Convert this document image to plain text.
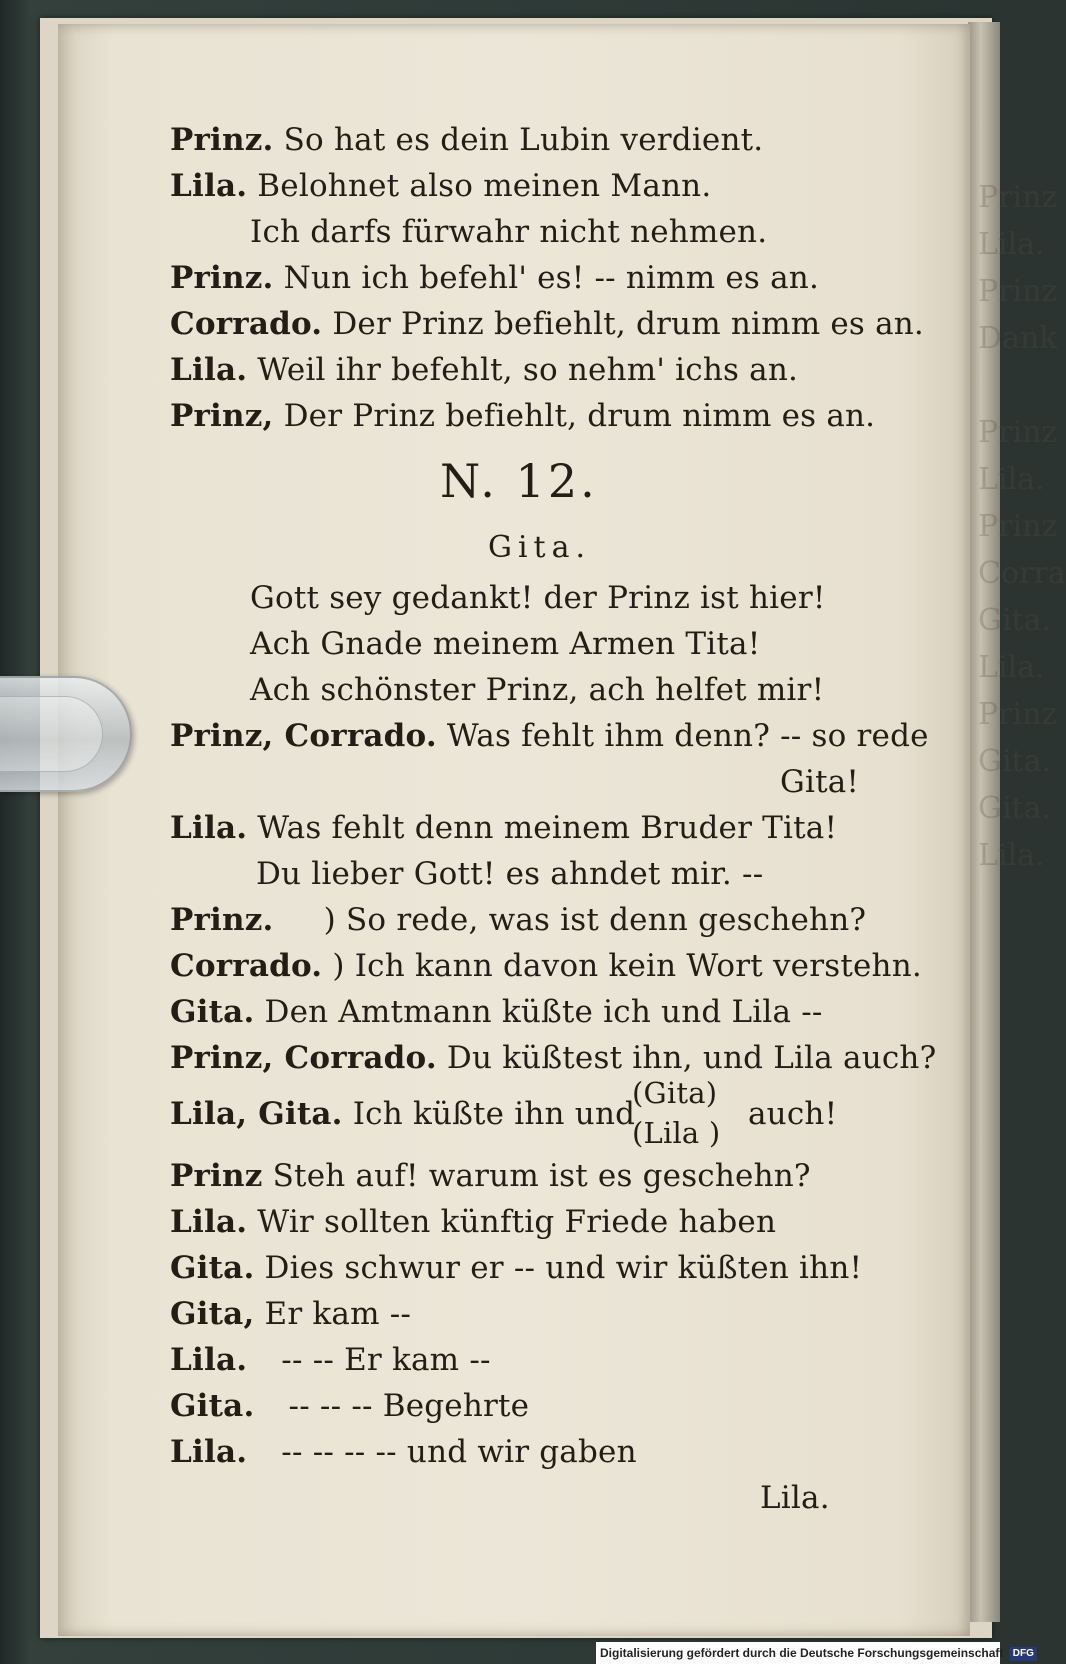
Prinz
Lila.
Prinz
Dank

Prinz
Lila.
Prinz
Corra
Gita.
Lila.
Prinz
Gita.
Gita.
Lila.
Prinz. So hat es dein Lubin verdient.
Lila. Belohnet also meinen Mann.
Ich darfs fürwahr nicht nehmen.
Prinz. Nun ich befehl' es! -- nimm es an.
Corrado. Der Prinz befiehlt, drum nimm es an.
Lila. Weil ihr befehlt, so nehm' ichs an.
Prinz, Der Prinz befiehlt, drum nimm es an.
N. 12.
Gita.
Gott sey gedankt! der Prinz ist hier!
Ach Gnade meinem Armen Tita!
Ach schönster Prinz, ach helfet mir!
Prinz, Corrado. Was fehlt ihm denn? -- so rede
Gita!
Lila. Was fehlt denn meinem Bruder Tita!
Du lieber Gott! es ahndet mir. --
Prinz. ) So rede, was ist denn geschehn?
Corrado. ) Ich kann davon kein Wort verstehn.
Gita. Den Amtmann küßte ich und Lila --
Prinz, Corrado. Du küßtest ihn, und Lila auch?
Lila, Gita. Ich küßte ihn und
(Gita)
(Lila )
auch!
Prinz Steh auf! warum ist es geschehn?
Lila. Wir sollten künftig Friede haben
Gita. Dies schwur er -- und wir küßten ihn!
Gita, Er kam --
Lila. -- -- Er kam --
Gita. -- -- -- Begehrte
Lila. -- -- -- -- und wir gaben
Lila.
Digitalisierung gefördert durch die Deutsche Forschungsgemeinschaft DFG
